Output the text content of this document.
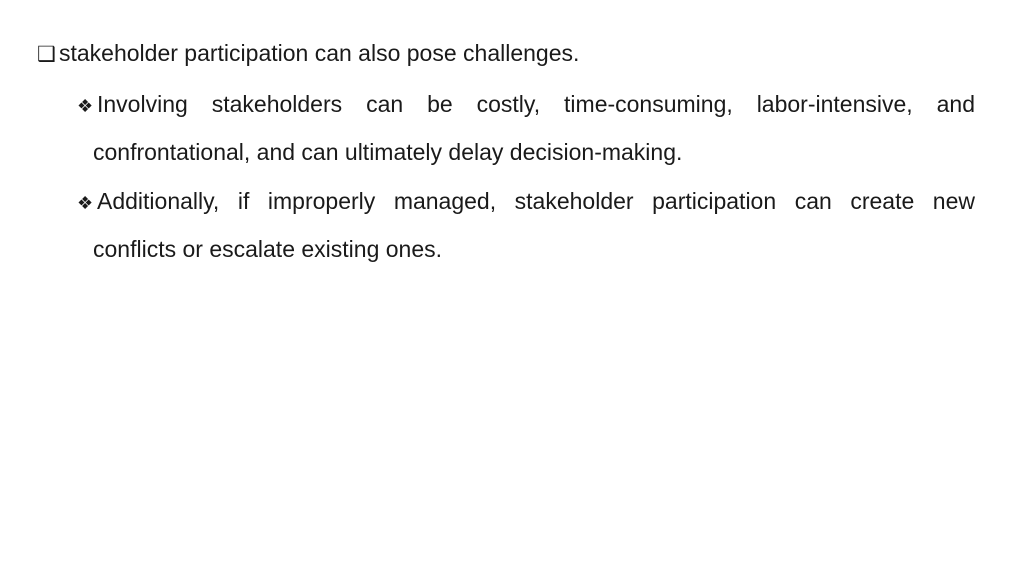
❑ stakeholder participation can also pose challenges.
❖ Involving stakeholders can be costly, time-consuming, labor-intensive, and
confrontational, and can ultimately delay decision-making.
❖ Additionally, if improperly managed, stakeholder participation can create new
conflicts or escalate existing ones.
